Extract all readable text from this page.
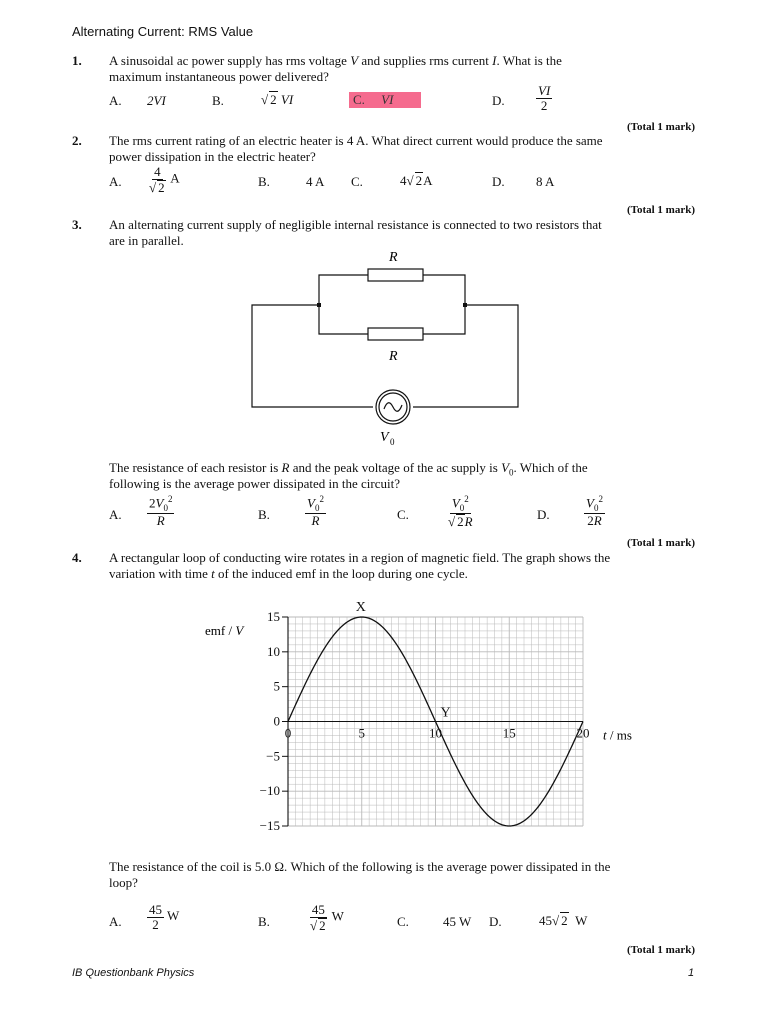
Alternating Current: RMS Value
1. A sinusoidal ac power supply has rms voltage V and supplies rms current I. What is the
maximum instantaneous power delivered?
A. 2VI	B.	√ 2 VI	C. VI	D. $\frac{VI}{2}$
(Total 1 mark)
2. The rms current rating of an electric heater is 4 A. What direct current would produce the same
power dissipation in the electric heater?
A. $\frac{4}{√ 2}$ A	B.	4 A C.	4√ 2A	D. 8 A
(Total 1 mark)
3. An alternating current supply of negligible internal resistance is connected to two resistors that
are in parallel.
R
R
V 0
The resistance of each resistor is R and the peak voltage of the ac supply is $V_0$. Which of the
following is the average power dissipated in the circuit?
A. $\frac{2V_0^2}{R}$	B.	$\frac{V_0^2}{R}$	C.	$\frac{V_0^2}{√ 2R}$	D.	$\frac{V_0^2}{2R}$
(Total 1 mark)
4. A rectangular loop of conducting wire rotates in a region of magnetic field. The graph shows the
variation with time t of the induced emf in the loop during one cycle.
15
10
5
0
−5
−10
−15
0	5	10	15	20
emf / V
t / ms
X
Y
The resistance of the coil is 5.0 Ω. Which of the following is the average power dissipated in the
loop?
A. $\frac{45}{2}$ W	B.	$\frac{45}{√ 2}$ W	C.	45 W D.	45√ 2 W
(Total 1 mark)
IB Questionbank Physics	1
